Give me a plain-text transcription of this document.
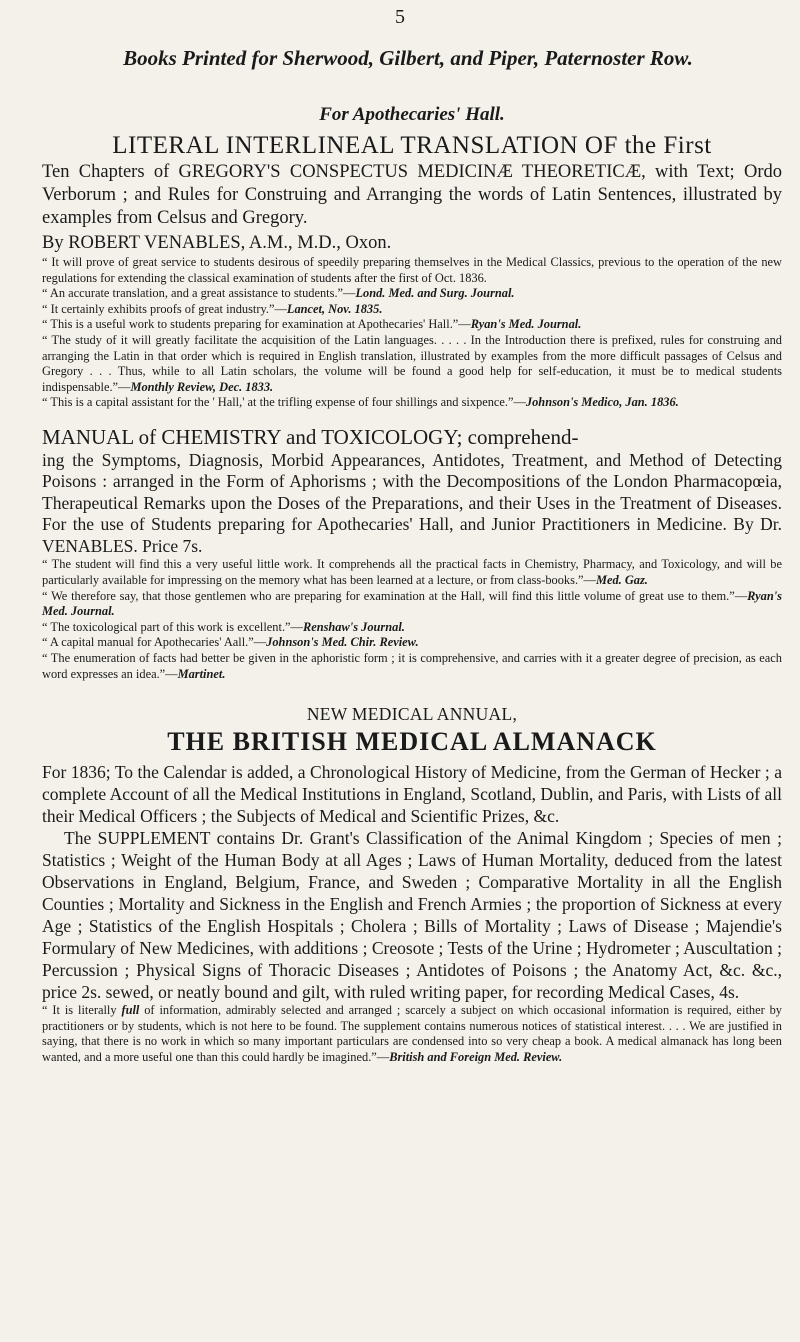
5
Books Printed for Sherwood, Gilbert, and Piper, Paternoster Row.

For Apothecaries' Hall.

LITERAL INTERLINEAL TRANSLATION OF the First

Ten Chapters of GREGORY'S CONSPECTUS MEDICINÆ THEORETICÆ, with Text; Ordo Verborum ; and Rules for Construing and Arranging the words of Latin Sentences, illustrated by examples from Celsus and Gregory.

By ROBERT VENABLES, A.M., M.D., Oxon.

“ It will prove of great service to students desirous of speedily preparing themselves in the Medical Classics, previous to the operation of the new regulations for extending the classical examination of students after the first of Oct. 1836.

“ An accurate translation, and a great assistance to students.”—Lond. Med. and Surg. Journal.

“ It certainly exhibits proofs of great industry.”—Lancet, Nov. 1835.

“ This is a useful work to students preparing for examination at Apothecaries' Hall.”—Ryan's Med. Journal.

“ The study of it will greatly facilitate the acquisition of the Latin languages. . . . . In the Introduction there is prefixed, rules for construing and arranging the Latin in that order which is required in English translation, illustrated by examples from the more difficult passages of Celsus and Gregory . . . Thus, while to all Latin scholars, the volume will be found a good help for self-education, it must be to medical students indispensable.”—Monthly Review, Dec. 1833.

“ This is a capital assistant for the ' Hall,' at the trifling expense of four shillings and sixpence.”—Johnson's Medico, Jan. 1836.

MANUAL of CHEMISTRY and TOXICOLOGY; comprehend-

ing the Symptoms, Diagnosis, Morbid Appearances, Antidotes, Treatment, and Method of Detecting Poisons : arranged in the Form of Aphorisms ; with the Decompositions of the London Pharmacopœia, Therapeutical Remarks upon the Doses of the Preparations, and their Uses in the Treatment of Diseases. For the use of Students preparing for Apothecaries' Hall, and Junior Practitioners in Medicine. By Dr. VENABLES. Price 7s.

“ The student will find this a very useful little work. It comprehends all the practical facts in Chemistry, Pharmacy, and Toxicology, and will be particularly available for impressing on the memory what has been learned at a lecture, or from class-books.”—Med. Gaz.

“ We therefore say, that those gentlemen who are preparing for examination at the Hall, will find this little volume of great use to them.”—Ryan's Med. Journal.

“ The toxicological part of this work is excellent.”—Renshaw's Journal.

“ A capital manual for Apothecaries' Aall.”—Johnson's Med. Chir. Review.

“ The enumeration of facts had better be given in the aphoristic form ; it is comprehensive, and carries with it a greater degree of precision, as each word expresses an idea.”—Martinet.

NEW MEDICAL ANNUAL,

THE BRITISH MEDICAL ALMANACK

For 1836; To the Calendar is added, a Chronological History of Medicine, from the German of Hecker ; a complete Account of all the Medical Institutions in England, Scotland, Dublin, and Paris, with Lists of all their Medical Officers ; the Subjects of Medical and Scientific Prizes, &c.

The SUPPLEMENT contains Dr. Grant's Classification of the Animal Kingdom ; Species of men ; Statistics ; Weight of the Human Body at all Ages ; Laws of Human Mortality, deduced from the latest Observations in England, Belgium, France, and Sweden ; Comparative Mortality in all the English Counties ; Mortality and Sickness in the English and French Armies ; the proportion of Sickness at every Age ; Statistics of the English Hospitals ; Cholera ; Bills of Mortality ; Laws of Disease ; Majendie's Formulary of New Medicines, with additions ; Creosote ; Tests of the Urine ; Hydrometer ; Auscultation ; Percussion ; Physical Signs of Thoracic Diseases ; Antidotes of Poisons ; the Anatomy Act, &c. &c., price 2s. sewed, or neatly bound and gilt, with ruled writing paper, for recording Medical Cases, 4s.

“ It is literally full of information, admirably selected and arranged ; scarcely a subject on which occasional information is required, either by practitioners or by students, which is not here to be found. The supplement contains numerous notices of statistical interest. . . . We are justified in saying, that there is no work in which so many important particulars are condensed into so very cheap a book. A medical almanack has long been wanted, and a more useful one than this could hardly be imagined.”—British and Foreign Med. Review.
